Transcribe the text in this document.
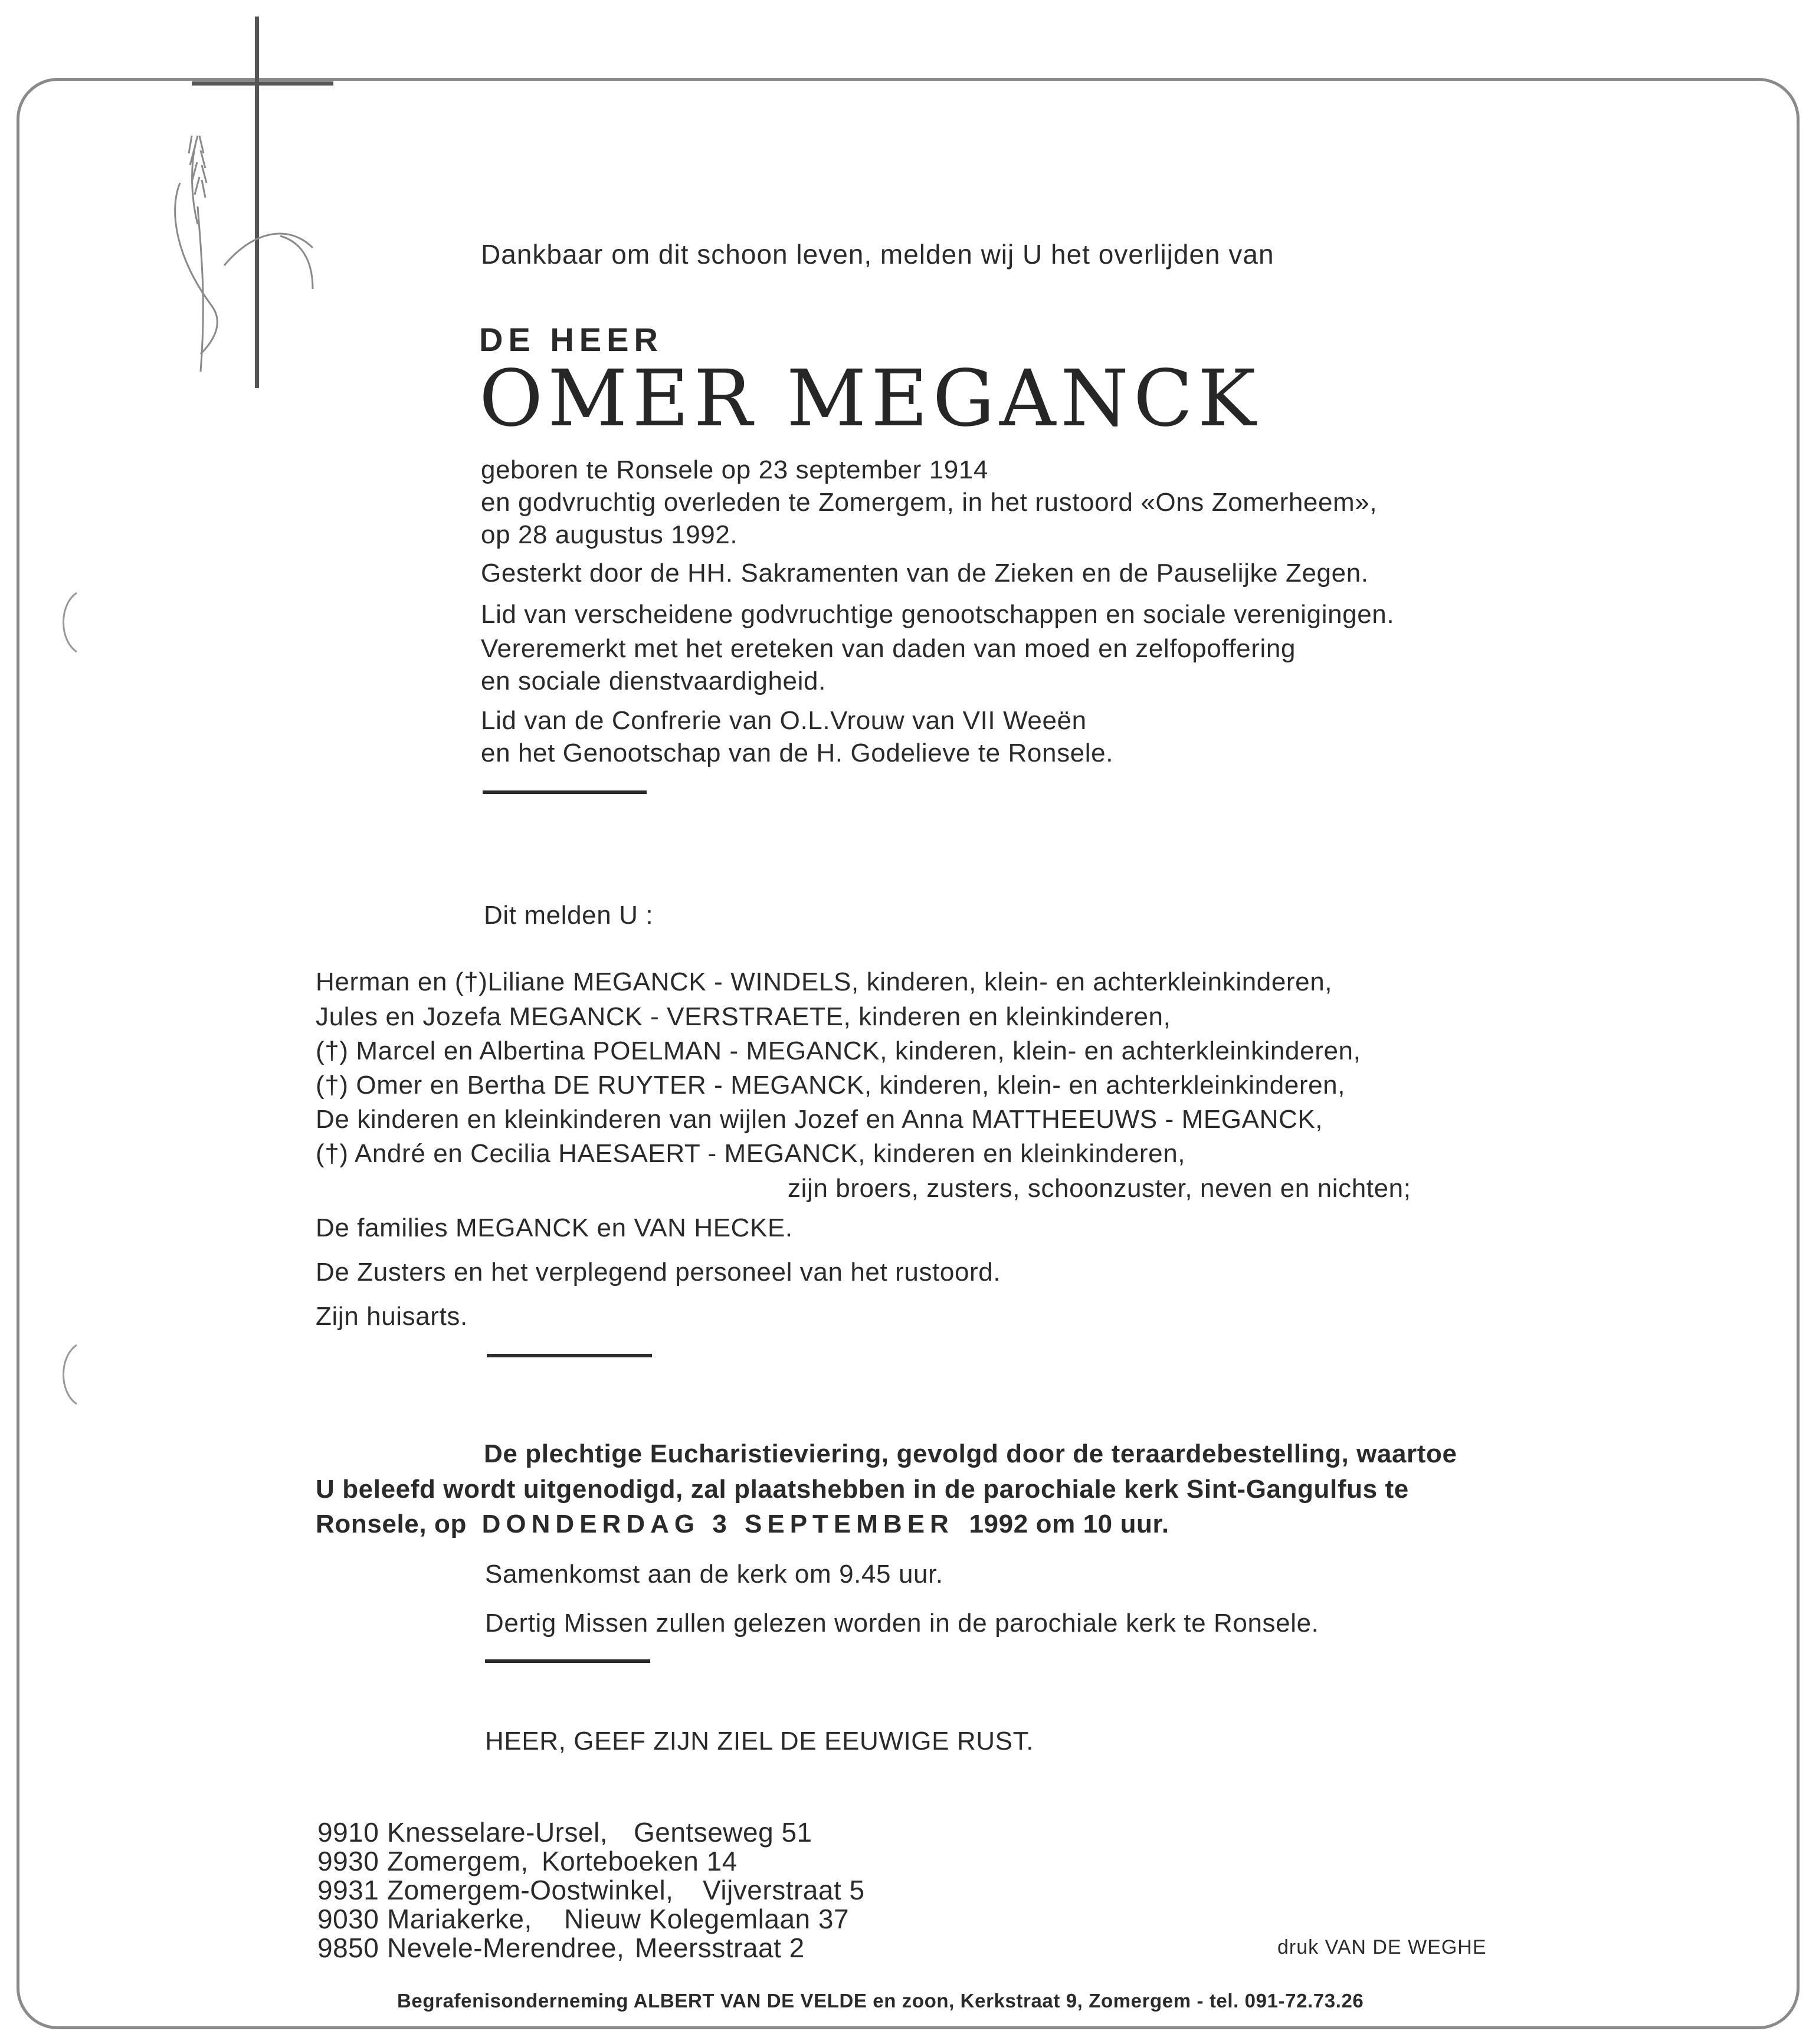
Dankbaar om dit schoon leven, melden wij U het overlijden van
DE HEER
OMER MEGANCK
geboren te Ronsele op 23 september 1914
en godvruchtig overleden te Zomergem, in het rustoord «Ons Zomerheem»,
op 28 augustus 1992.
Gesterkt door de HH. Sakramenten van de Zieken en de Pauselijke Zegen.
Lid van verscheidene godvruchtige genootschappen en sociale verenigingen.
Vereremerkt met het ereteken van daden van moed en zelfopoffering
en sociale dienstvaardigheid.
Lid van de Confrerie van O.L.Vrouw van VII Weeën
en het Genootschap van de H. Godelieve te Ronsele.
Dit melden U :
Herman en (†)Liliane MEGANCK - WINDELS, kinderen, klein- en achterkleinkinderen,
Jules en Jozefa MEGANCK - VERSTRAETE, kinderen en kleinkinderen,
(†) Marcel en Albertina POELMAN - MEGANCK, kinderen, klein- en achterkleinkinderen,
(†) Omer en Bertha DE RUYTER - MEGANCK, kinderen, klein- en achterkleinkinderen,
De kinderen en kleinkinderen van wijlen Jozef en Anna MATTHEEUWS - MEGANCK,
(†) André en Cecilia HAESAERT - MEGANCK, kinderen en kleinkinderen,
zijn broers, zusters, schoonzuster, neven en nichten;
De families MEGANCK en VAN HECKE.
De Zusters en het verplegend personeel van het rustoord.
Zijn huisarts.
De plechtige Eucharistieviering, gevolgd door de teraardebestelling, waartoe
U beleefd wordt uitgenodigd, zal plaatshebben in de parochiale kerk Sint-Gangulfus te
Ronsele, op DONDERDAG 3 SEPTEMBER 1992 om 10 uur.
Samenkomst aan de kerk om 9.45 uur.
Dertig Missen zullen gelezen worden in de parochiale kerk te Ronsele.
HEER, GEEF ZIJN ZIEL DE EEUWIGE RUST.
9910 Knesselare-Ursel, Gentseweg 51
9930 Zomergem, Korteboeken 14
9931 Zomergem-Oostwinkel, Vijverstraat 5
9030 Mariakerke, Nieuw Kolegemlaan 37
9850 Nevele-Merendree, Meersstraat 2	druk VAN DE WEGHE
Begrafenisonderneming ALBERT VAN DE VELDE en zoon, Kerkstraat 9, Zomergem - tel. 091-72.73.26
